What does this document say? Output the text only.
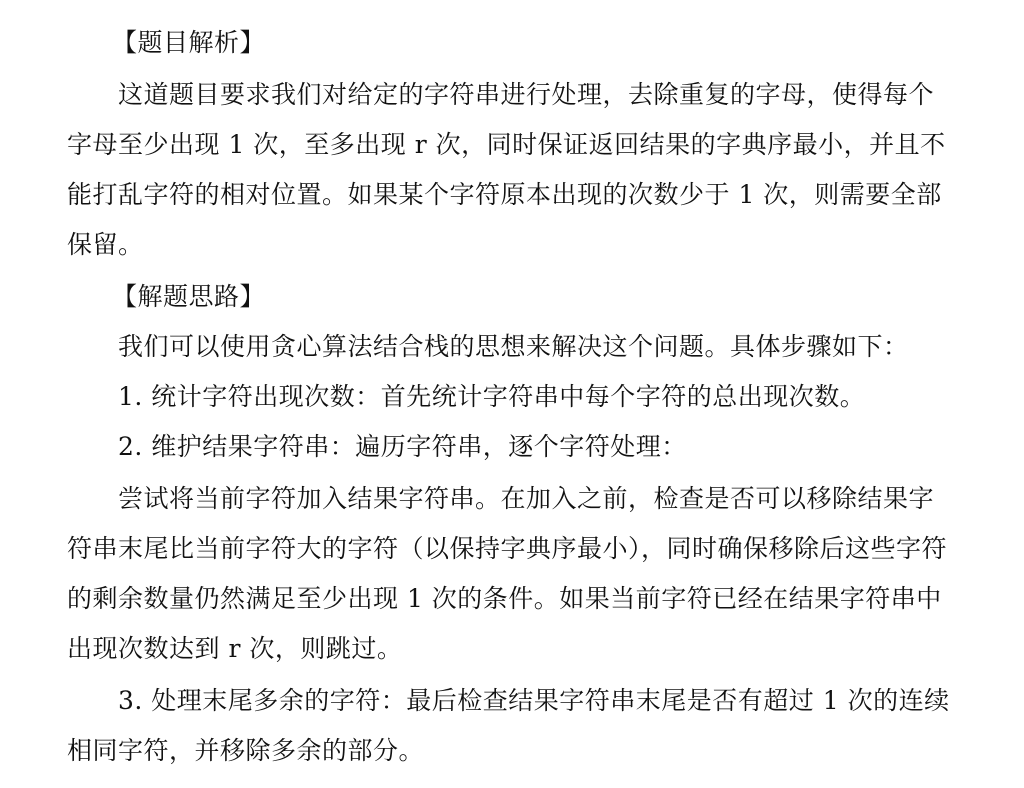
【题目解析】
这道题目要求我们对给定的字符串进行处理，去除重复的字母，使得每个
字母至少出现 1 次，至多出现 r 次，同时保证返回结果的字典序最小，并且不
能打乱字符的相对位置。如果某个字符原本出现的次数少于 1 次，则需要全部
保留。
【解题思路】
我们可以使用贪心算法结合栈的思想来解决这个问题。具体步骤如下：
1. 统计字符出现次数：首先统计字符串中每个字符的总出现次数。
2. 维护结果字符串：遍历字符串，逐个字符处理：
尝试将当前字符加入结果字符串。在加入之前，检查是否可以移除结果字
符串末尾比当前字符大的字符（以保持字典序最小），同时确保移除后这些字符
的剩余数量仍然满足至少出现 1 次的条件。如果当前字符已经在结果字符串中
出现次数达到 r 次，则跳过。
3. 处理末尾多余的字符：最后检查结果字符串末尾是否有超过 1 次的连续
相同字符，并移除多余的部分。
